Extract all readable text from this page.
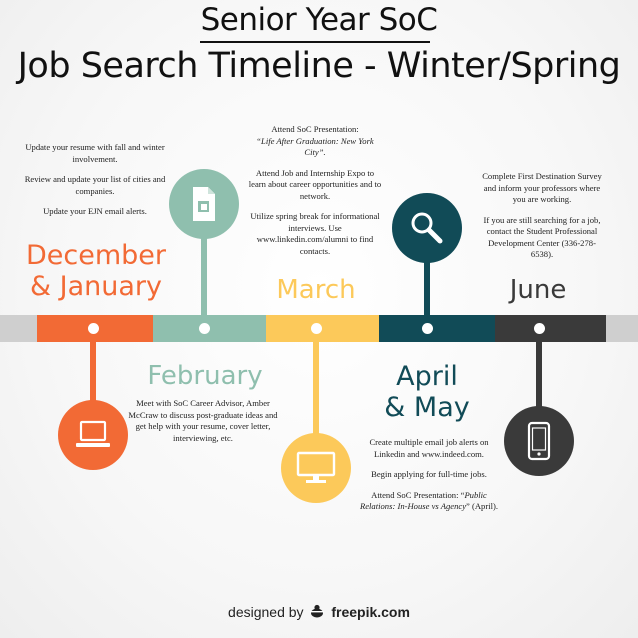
Senior Year SoC
Job Search Timeline - Winter/Spring
December
& January
February
March
April
& May
June

Update your resume with fall and winter involvement.

Review and update your list of cities and companies.

Update your EJN email alerts.

Meet with SoC Career Advisor, Amber McCraw to discuss post-graduate ideas and get help with your resume, cover letter, interviewing, etc.

Attend SoC Presentation:
“Life After Graduation: New York City”.

Attend Job and Internship Expo to learn about career opportunities and to network.

Utilize spring break for informational interviews. Use www.linkedin.com/alumni to find contacts.

Create multiple email job alerts on Linkedin and www.indeed.com.

Begin applying for full-time jobs.

Attend SoC Presentation: “Public Relations: In-House vs Agency” (April).

Complete First Destination Survey and inform your professors where you are working.

If you are still searching for a job, contact the Student Professional Development Center (336-278-6538).

designed by freepik.com
